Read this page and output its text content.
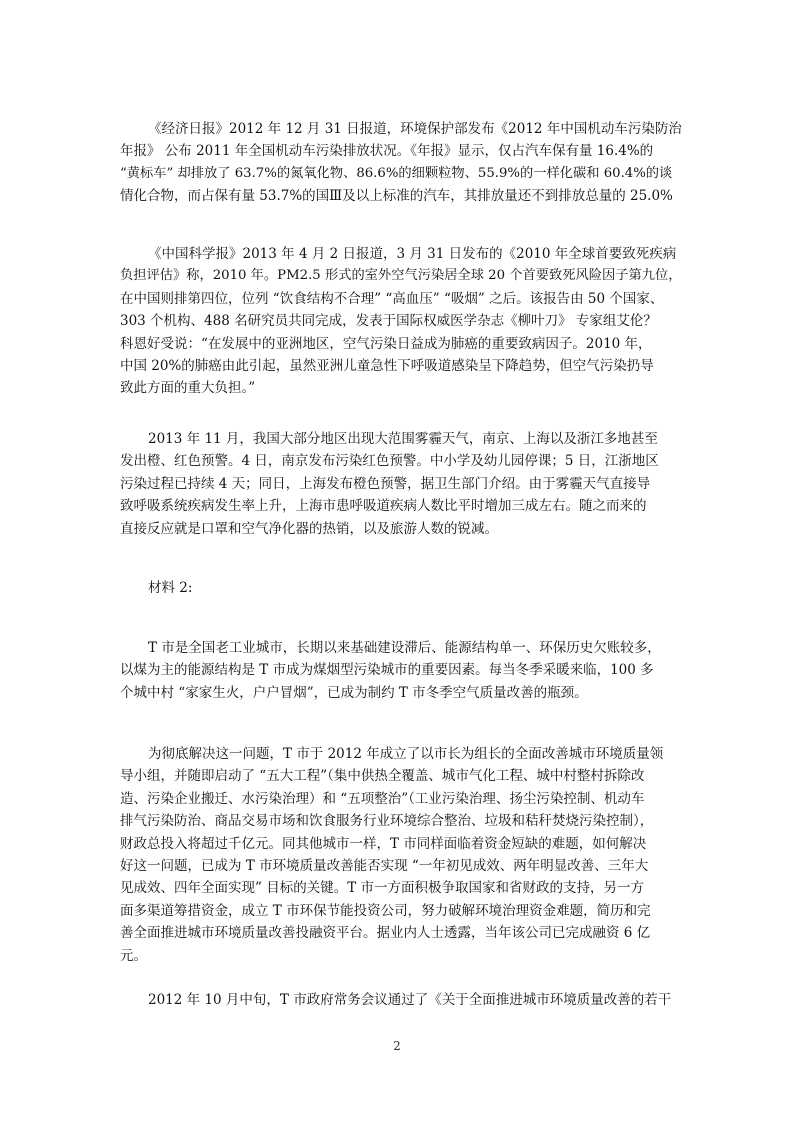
《经济日报》2012 年 12 月 31 日报道，环境保护部发布《2012 年中国机动车污染防治
年报》 公布 2011 年全国机动车污染排放状况。《年报》显示，仅占汽车保有量 16.4%的
“黄标车” 却排放了 63.7%的氮氧化物、86.6%的细颗粒物、55.9%的一样化碳和 60.4%的谈
情化合物，而占保有量 53.7%的国Ⅲ及以上标准的汽车，其排放量还不到排放总量的 25.0%
《中国科学报》2013 年 4 月 2 日报道，3 月 31 日发布的《2010 年全球首要致死疾病
负担评估》称，2010 年。PM2.5 形式的室外空气污染居全球 20 个首要致死风险因子第九位，
在中国则排第四位，位列 “饮食结构不合理” “高血压” “吸烟” 之后。该报告由 50 个国家、
303 个机构、488 名研究员共同完成，发表于国际权威医学杂志《柳叶刀》 专家组艾伦？
科恩好受说：“在发展中的亚洲地区，空气污染日益成为肺癌的重要致病因子。2010 年，
中国 20%的肺癌由此引起，虽然亚洲儿童急性下呼吸道感染呈下降趋势，但空气污染扔导
致此方面的重大负担。”
2013 年 11 月，我国大部分地区出现大范围雾霾天气，南京、上海以及浙江多地甚至
发出橙、红色预警。4 日，南京发布污染红色预警。中小学及幼儿园停课；5 日，江浙地区
污染过程已持续 4 天；同日，上海发布橙色预警，据卫生部门介绍。由于雾霾天气直接导
致呼吸系统疾病发生率上升，上海市患呼吸道疾病人数比平时增加三成左右。随之而来的
直接反应就是口罩和空气净化器的热销，以及旅游人数的锐减。
材料 2:
T 市是全国老工业城市，长期以来基础建设滞后、能源结构单一、环保历史欠账较多，
以煤为主的能源结构是 T 市成为煤烟型污染城市的重要因素。每当冬季采暖来临，100 多
个城中村 “家家生火，户户冒烟”，已成为制约 T 市冬季空气质量改善的瓶颈。
为彻底解决这一问题，T 市于 2012 年成立了以市长为组长的全面改善城市环境质量领
导小组，并随即启动了 “五大工程”（集中供热全覆盖、城市气化工程、城中村整村拆除改
造、污染企业搬迁、水污染治理）和 “五项整治”（工业污染治理、扬尘污染控制、机动车
排气污染防治、商品交易市场和饮食服务行业环境综合整治、垃圾和秸秆焚烧污染控制），
财政总投入将超过千亿元。同其他城市一样，T 市同样面临着资金短缺的难题，如何解决
好这一问题，已成为 T 市环境质量改善能否实现 “一年初见成效、两年明显改善、三年大
见成效、四年全面实现” 目标的关键。T 市一方面积极争取国家和省财政的支持，另一方
面多渠道筹措资金，成立 T 市环保节能投资公司，努力破解环境治理资金难题，简历和完
善全面推进城市环境质量改善投融资平台。据业内人士透露，当年该公司已完成融资 6 亿
元。
2012 年 10 月中旬，T 市政府常务会议通过了《关于全面推进城市环境质量改善的若干
2
